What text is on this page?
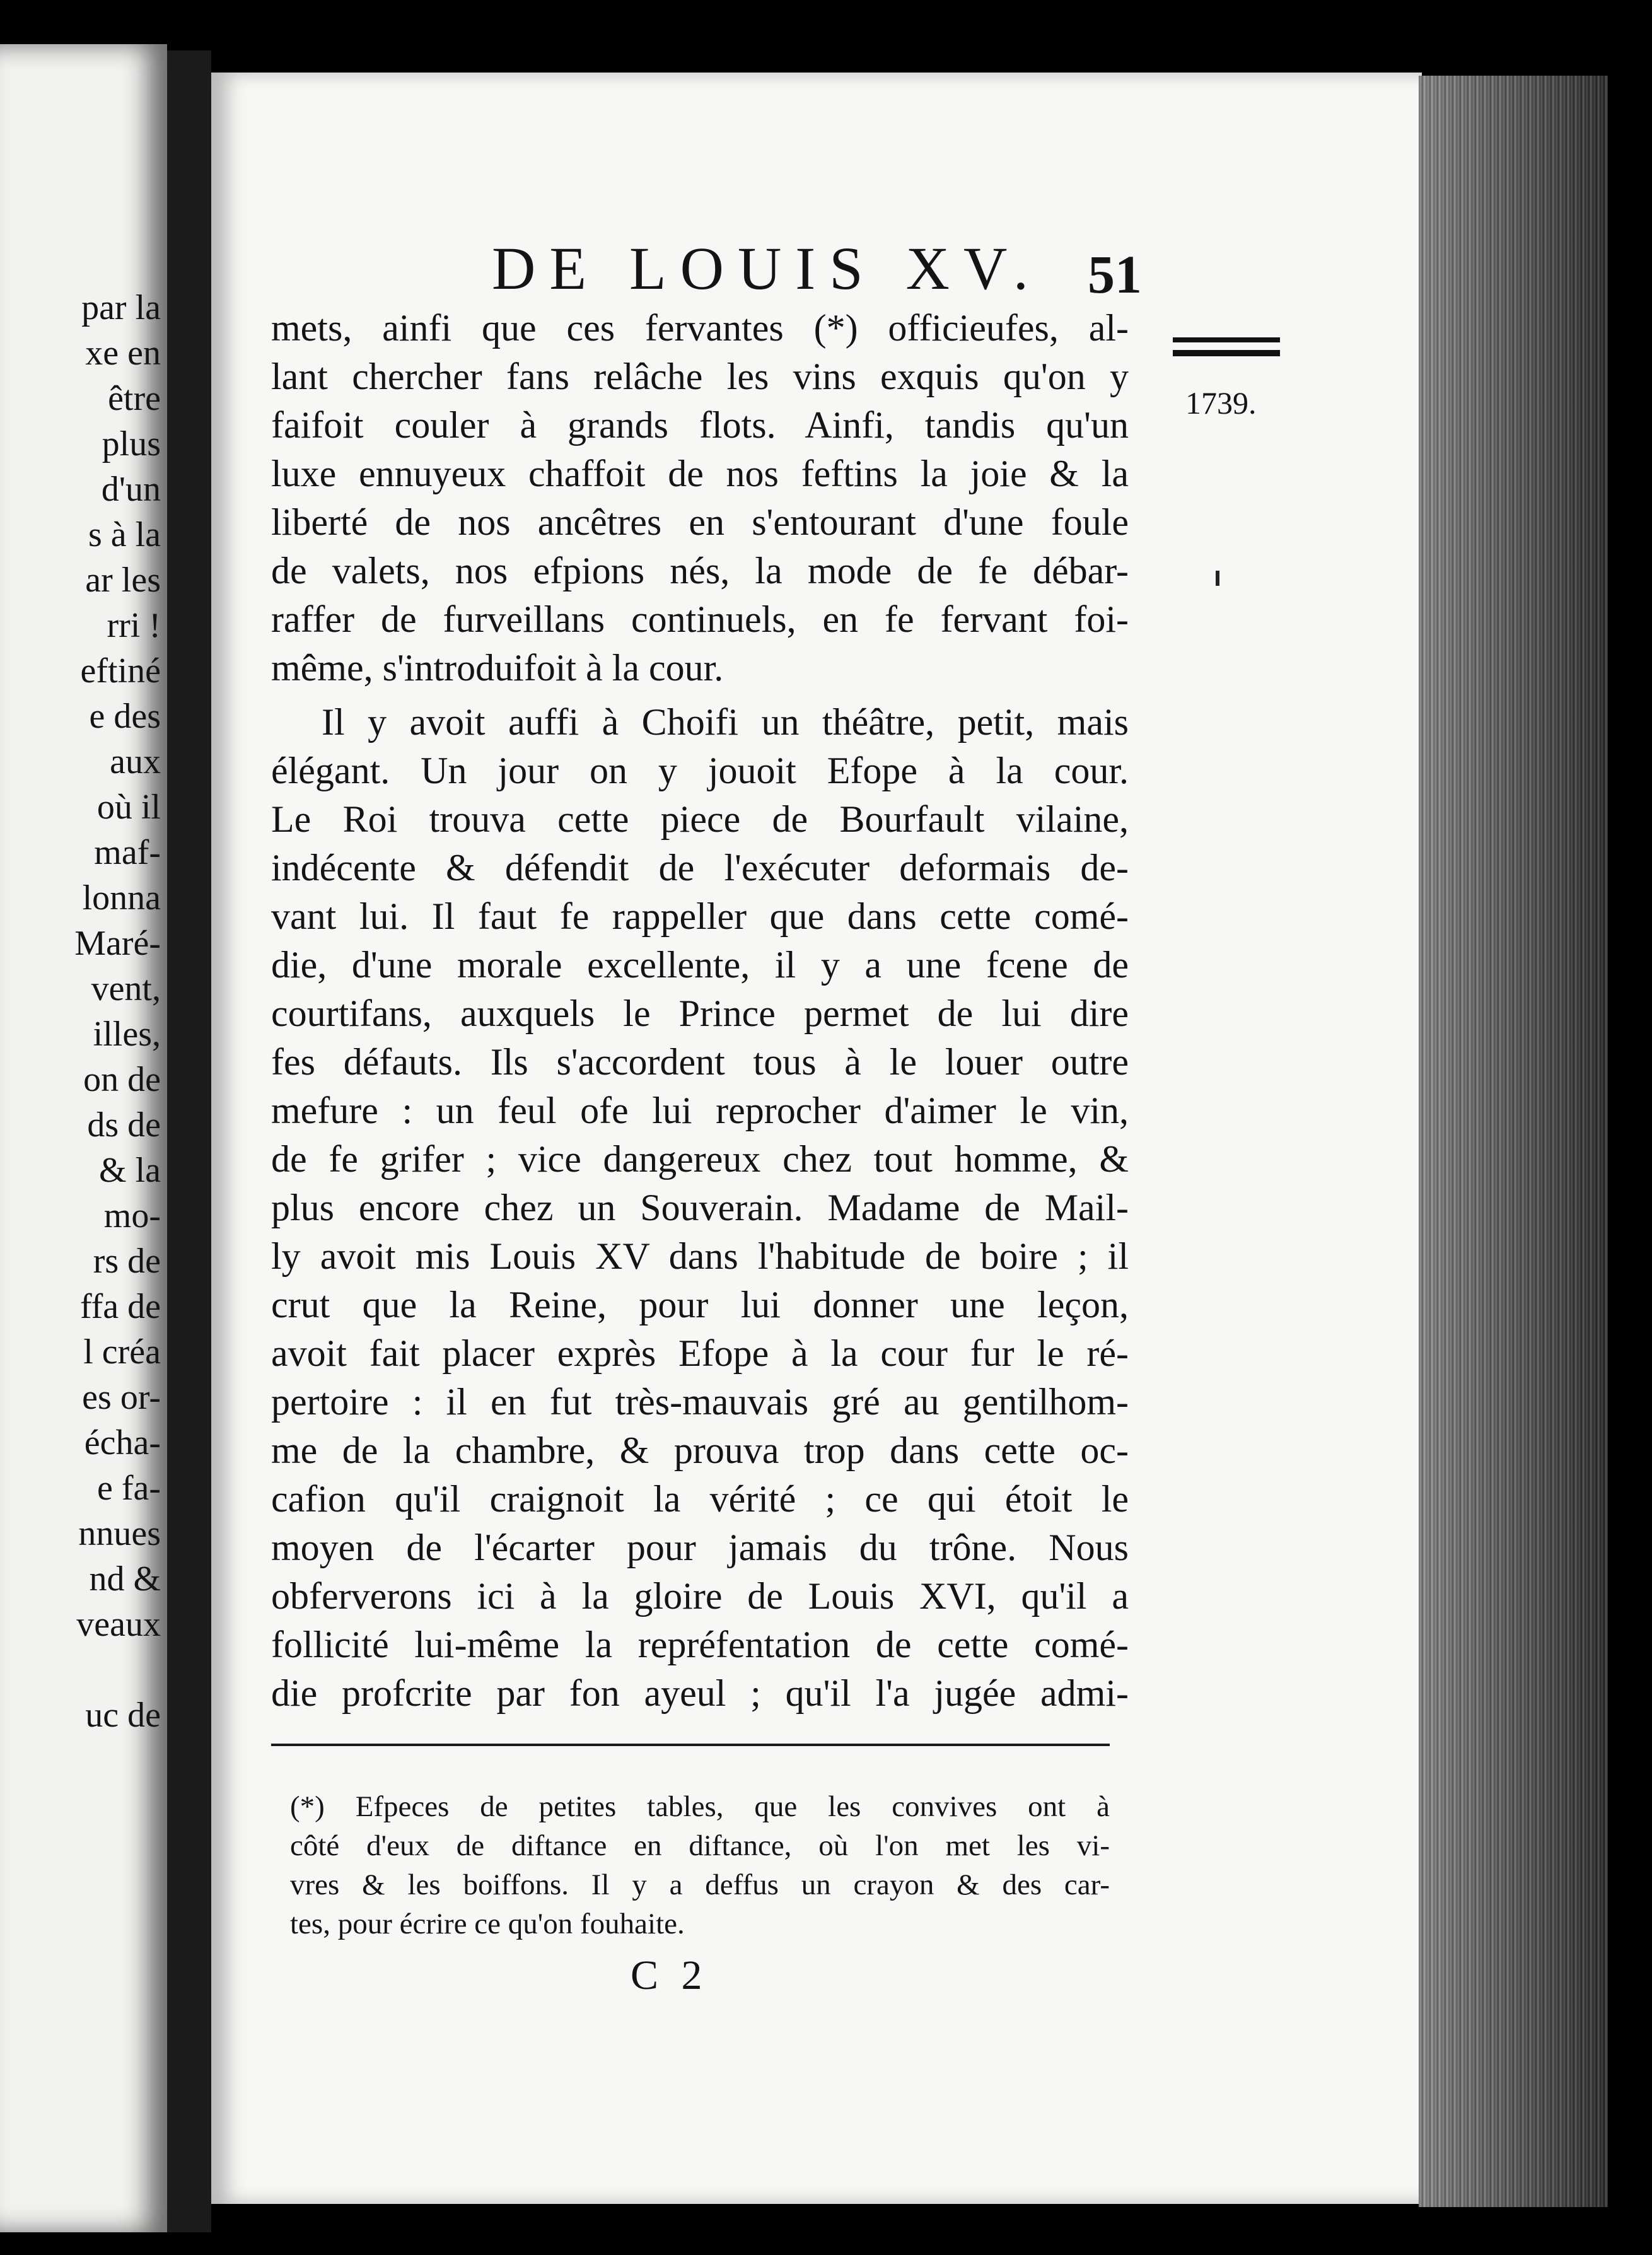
par la
xe en
être
plus
d'un
s à la
ar les
rri !
eftiné
e des
aux
où il
maf-
lonna
Maré-
vent,
illes,
on de
ds de
& la
mo-
rs de
ffa de
l créa
es or-
écha-
e fa-
nnues
nd &
veaux
uc de
DE LOUIS XV. 51
1739.
mets, ainfi que ces fervantes (*) officieufes, al-
lant chercher fans relâche les vins exquis qu'on y
faifoit couler à grands flots. Ainfi, tandis qu'un
luxe ennuyeux chaffoit de nos feftins la joie & la
liberté de nos ancêtres en s'entourant d'une foule
de valets, nos efpions nés, la mode de fe débar-
raffer de furveillans continuels, en fe fervant foi-
même, s'introduifoit à la cour.
Il y avoit auffi à Choifi un théâtre, petit, mais
élégant. Un jour on y jouoit Efope à la cour.
Le Roi trouva cette piece de Bourfault vilaine,
indécente & défendit de l'exécuter deformais de-
vant lui. Il faut fe rappeller que dans cette comé-
die, d'une morale excellente, il y a une fcene de
courtifans, auxquels le Prince permet de lui dire
fes défauts. Ils s'accordent tous à le louer outre
mefure : un feul ofe lui reprocher d'aimer le vin,
de fe grifer ; vice dangereux chez tout homme, &
plus encore chez un Souverain. Madame de Mail-
ly avoit mis Louis XV dans l'habitude de boire ; il
crut que la Reine, pour lui donner une leçon,
avoit fait placer exprès Efope à la cour fur le ré-
pertoire : il en fut très-mauvais gré au gentilhom-
me de la chambre, & prouva trop dans cette oc-
cafion qu'il craignoit la vérité ; ce qui étoit le
moyen de l'écarter pour jamais du trône. Nous
obferverons ici à la gloire de Louis XVI, qu'il a
follicité lui-même la repréfentation de cette comé-
die profcrite par fon ayeul ; qu'il l'a jugée admi-
(*) Efpeces de petites tables, que les convives ont à
côté d'eux de diftance en diftance, où l'on met les vi-
vres & les boiffons. Il y a deffus un crayon & des car-
tes, pour écrire ce qu'on fouhaite.
C 2
